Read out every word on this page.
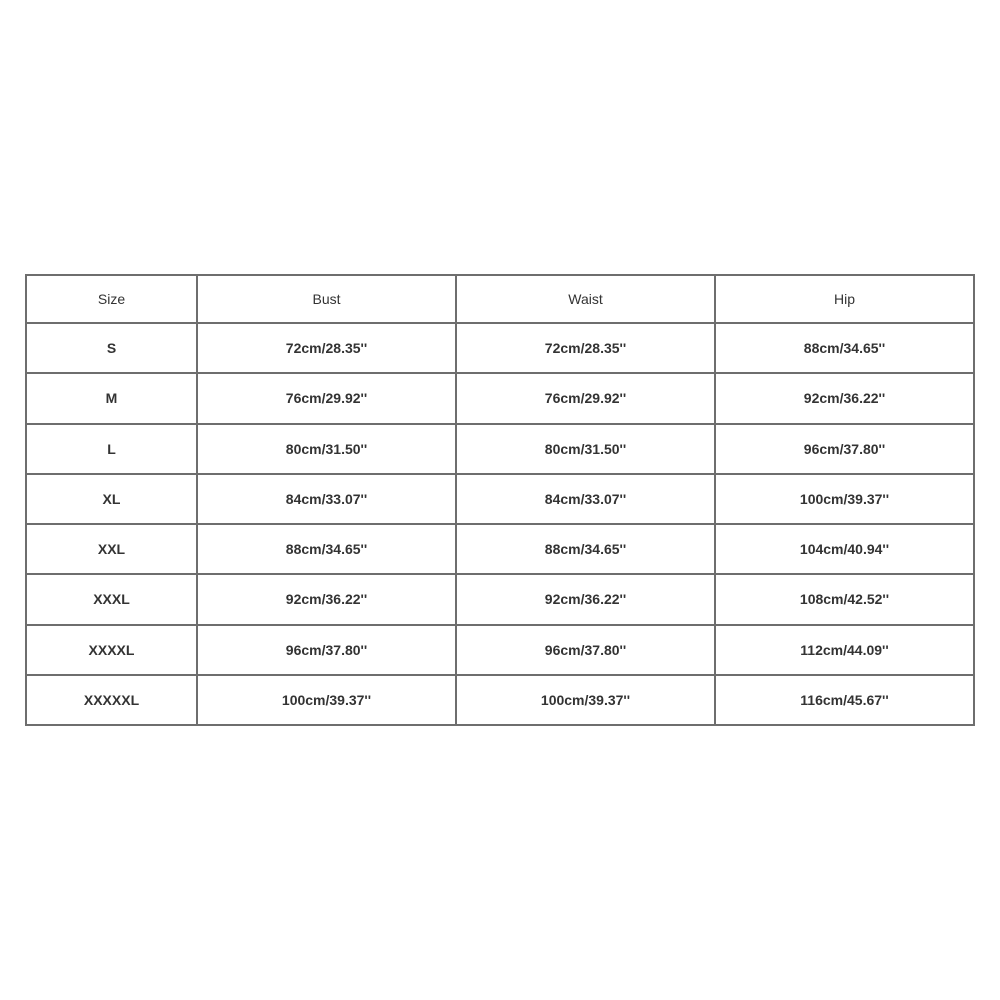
Size	Bust	Waist	Hip
S	72cm/28.35''	72cm/28.35''	88cm/34.65''
M	76cm/29.92''	76cm/29.92''	92cm/36.22''
L	80cm/31.50''	80cm/31.50''	96cm/37.80''
XL	84cm/33.07''	84cm/33.07''	100cm/39.37''
XXL	88cm/34.65''	88cm/34.65''	104cm/40.94''
XXXL	92cm/36.22''	92cm/36.22''	108cm/42.52''
XXXXL	96cm/37.80''	96cm/37.80''	112cm/44.09''
XXXXXL	100cm/39.37''	100cm/39.37''	116cm/45.67''
